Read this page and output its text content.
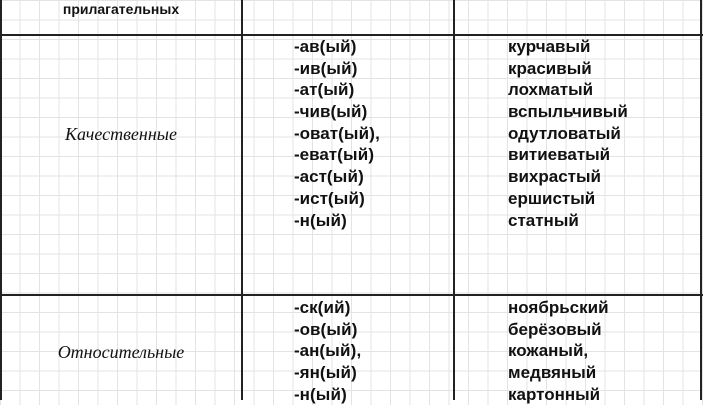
прилагательных
Качественные
-ав(ый)
-ив(ый)
-ат(ый)
-чив(ый)
-оват(ый),
-еват(ый)
-аст(ый)
-ист(ый)
-н(ый)
курчавый
красивый
лохматый
вспыльчивый
одутловатый
витиеватый
вихрастый
ершистый
статный
Относительные
-ск(ий)
-ов(ый)
-ан(ый),
-ян(ый)
-н(ый)
ноябрьский
берёзовый
кожаный,
медвяный
картонный
